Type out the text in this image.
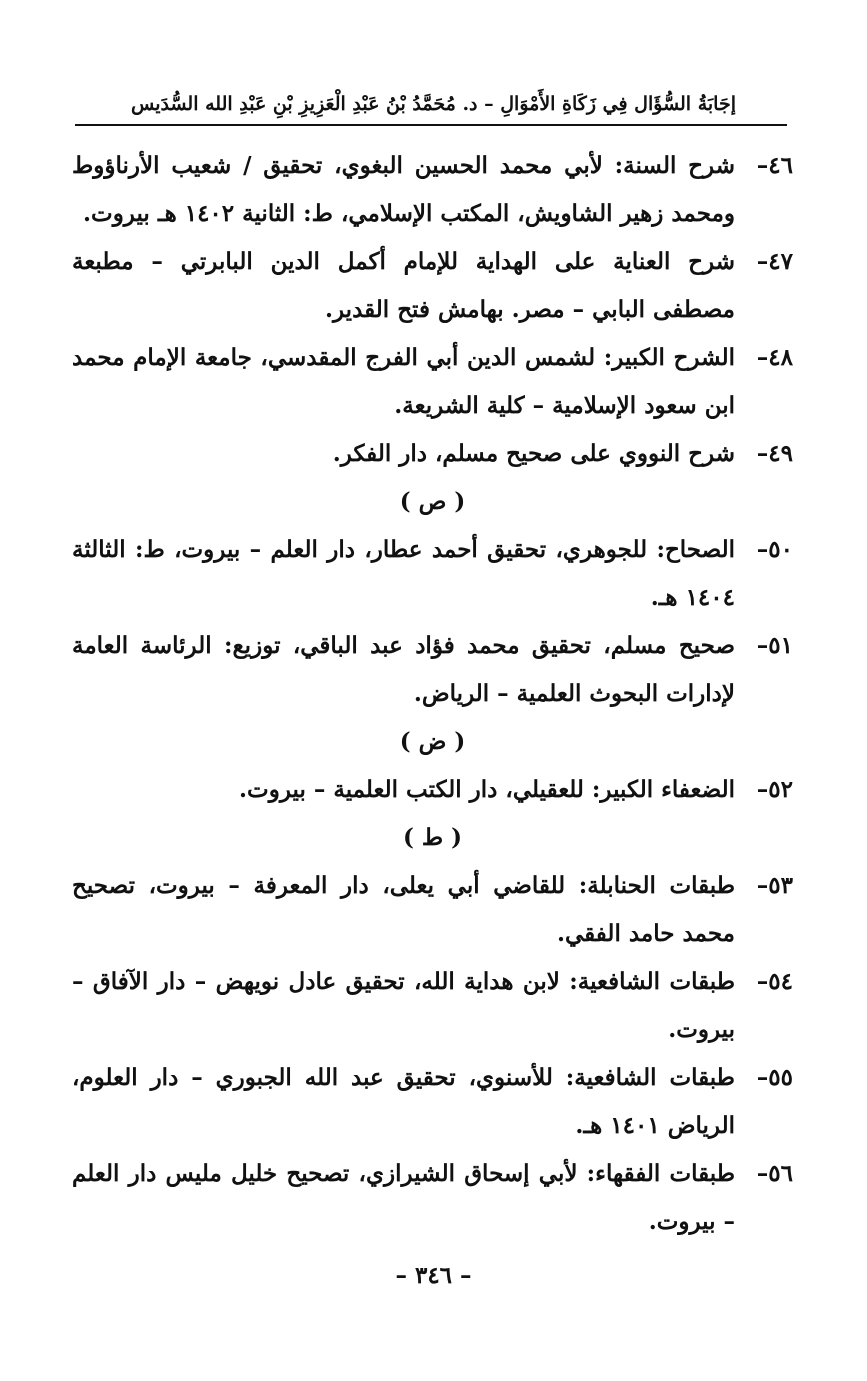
إجَابَةُ السُّؤَال فِي زَكَاةِ الأَمْوَالِ – د. مُحَمَّدُ بْنُ عَبْدِ الْعَزِيزِ بْنِ عَبْدِ الله السُّدَيس
٤٦–
شرح السنة: لأبي محمد الحسين البغوي، تحقيق / شعيب الأرناؤوط ومحمد زهير الشاويش، المكتب الإسلامي، ط: الثانية ١٤٠٢ هـ بيروت.
٤٧–
شرح العناية على الهداية للإمام أكمل الدين البابرتي – مطبعة مصطفى البابي – مصر. بهامش فتح القدير.
٤٨–
الشرح الكبير: لشمس الدين أبي الفرج المقدسي، جامعة الإمام محمد ابن سعود الإسلامية – كلية الشريعة.
٤٩–
شرح النووي على صحيح مسلم، دار الفكر.
( ص )
٥٠–
الصحاح: للجوهري، تحقيق أحمد عطار، دار العلم – بيروت، ط: الثالثة ١٤٠٤ هـ.
٥١–
صحيح مسلم، تحقيق محمد فؤاد عبد الباقي، توزيع: الرئاسة العامة لإدارات البحوث العلمية – الرياض.
( ض )
٥٢–
الضعفاء الكبير: للعقيلي، دار الكتب العلمية – بيروت.
( ط )
٥٣–
طبقات الحنابلة: للقاضي أبي يعلى، دار المعرفة – بيروت، تصحيح محمد حامد الفقي.
٥٤–
طبقات الشافعية: لابن هداية الله، تحقيق عادل نويهض – دار الآفاق – بيروت.
٥٥–
طبقات الشافعية: للأسنوي، تحقيق عبد الله الجبوري – دار العلوم، الرياض ١٤٠١ هـ.
٥٦–
طبقات الفقهاء: لأبي إسحاق الشيرازي، تصحيح خليل مليس دار العلم – بيروت.
– ٣٤٦ –
